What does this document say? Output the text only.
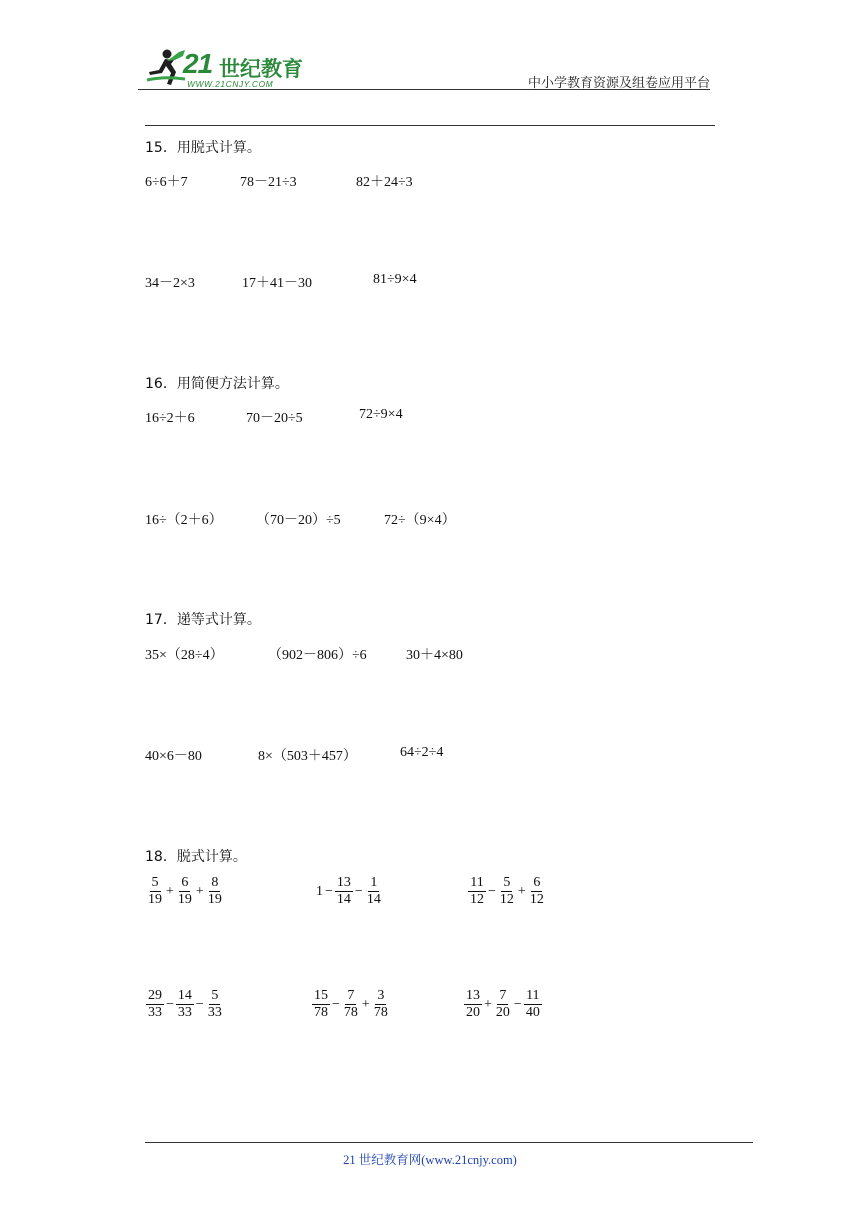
21 世纪教育
WWW.21CNJY.COM	中小学教育资源及组卷应用平台
15．用脱式计算。
6÷6＋7	78－21÷3	82＋24÷3
34－2×3	17＋41－30	81÷9×4
16．用简便方法计算。
16÷2＋6	70－20÷5	72÷9×4
16÷（2＋6） （70－20）÷5	72÷（9×4）
17．递等式计算。
35×（28÷4）	（902－806）÷6	30＋4×80
40×6－80	8×（503＋457）	64÷2÷4
18．脱式计算。
$\frac{5}{19} + \frac{6}{19} + \frac{8}{19}$	$1 - \frac{13}{14} - \frac{1}{14}$	$\frac{11}{12} - \frac{5}{12} + \frac{6}{12}$
$\frac{29}{33} - \frac{14}{33} - \frac{5}{33}$	$\frac{15}{78} - \frac{7}{78} + \frac{3}{78}$	$\frac{13}{20} + \frac{7}{20} - \frac{11}{40}$
21 世纪教育网(www.21cnjy.com)
